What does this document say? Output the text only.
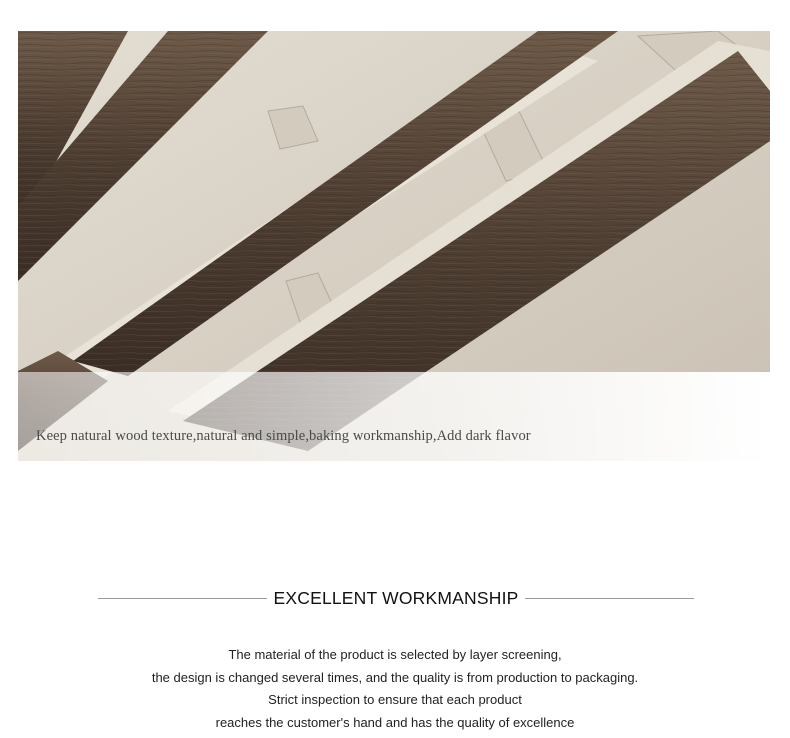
Keep natural wood texture,natural and simple,baking workmanship,Add dark flavor
EXCELLENT WORKMANSHIP
The material of the product is selected by layer screening,
the design is changed several times, and the quality is from production to packaging.
Strict inspection to ensure that each product
reaches the customer's hand and has the quality of excellence
